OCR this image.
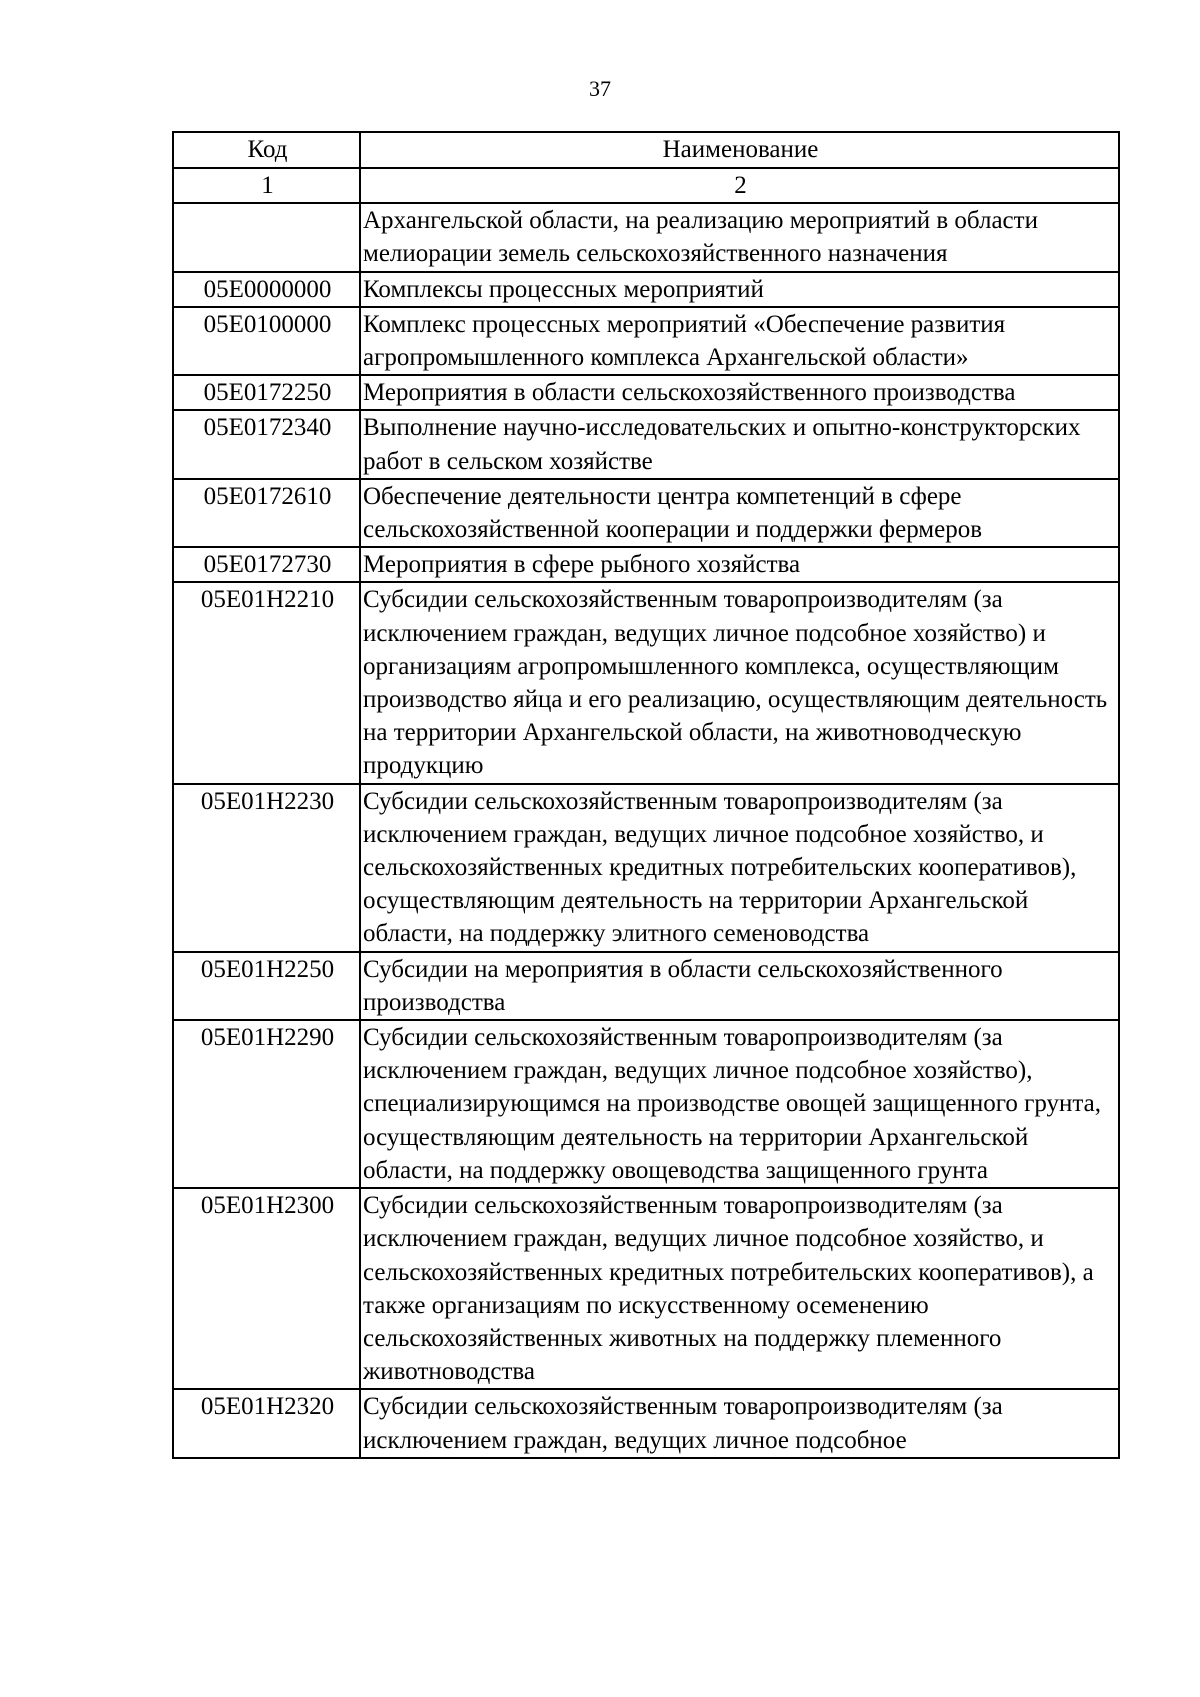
37
Код	Наименование
1	2
	Архангельской области, на реализацию мероприятий в области мелиорации земель сельскохозяйственного назначения
05Е0000000	Комплексы процессных мероприятий
05Е0100000	Комплекс процессных мероприятий «Обеспечение развития агропромышленного комплекса Архангельской области»
05Е0172250	Мероприятия в области сельскохозяйственного производства
05Е0172340	Выполнение научно-исследовательских и опытно-конструкторских работ в сельском хозяйстве
05Е0172610	Обеспечение деятельности центра компетенций в сфере сельскохозяйственной кооперации и поддержки фермеров
05Е0172730	Мероприятия в сфере рыбного хозяйства
05Е01Н2210	Субсидии сельскохозяйственным товаропроизводителям (за исключением граждан, ведущих личное подсобное хозяйство) и организациям агропромышленного комплекса, осуществляющим производство яйца и его реализацию, осуществляющим деятельность на территории Архангельской области, на животноводческую продукцию
05Е01Н2230	Субсидии сельскохозяйственным товаропроизводителям (за исключением граждан, ведущих личное подсобное хозяйство, и сельскохозяйственных кредитных потребительских кооперативов), осуществляющим деятельность на территории Архангельской области, на поддержку элитного семеноводства
05Е01Н2250	Субсидии на мероприятия в области сельскохозяйственного производства
05Е01Н2290	Субсидии сельскохозяйственным товаропроизводителям (за исключением граждан, ведущих личное подсобное хозяйство), специализирующимся на производстве овощей защищенного грунта, осуществляющим деятельность на территории Архангельской области, на поддержку овощеводства защищенного грунта
05Е01Н2300	Субсидии сельскохозяйственным товаропроизводителям (за исключением граждан, ведущих личное подсобное хозяйство, и сельскохозяйственных кредитных потребительских кооперативов), а также организациям по искусственному осеменению сельскохозяйственных животных на поддержку племенного животноводства
05Е01Н2320	Субсидии сельскохозяйственным товаропроизводителям (за исключением граждан, ведущих личное подсобное
